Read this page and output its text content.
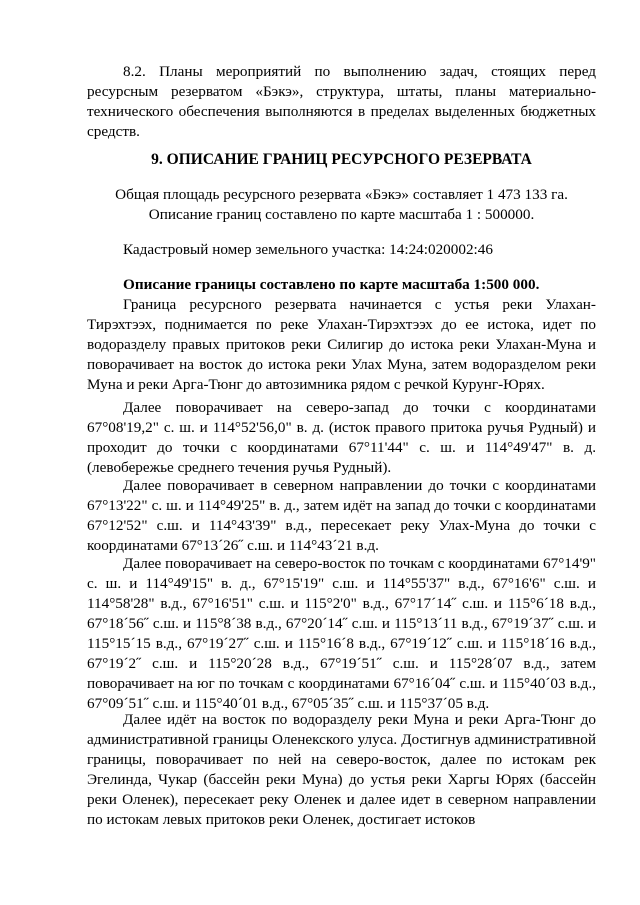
8.2. Планы мероприятий по выполнению задач, стоящих перед ресурсным резерватом «Бэкэ», структура, штаты, планы материально-технического обеспечения выполняются в пределах выделенных бюджетных средств.

9. ОПИСАНИЕ ГРАНИЦ РЕСУРСНОГО РЕЗЕРВАТА

Общая площадь ресурсного резервата «Бэкэ» составляет 1 473 133 га.

Описание границ составлено по карте масштаба 1 : 500000.

Кадастровый номер земельного участка: 14:24:020002:46

Описание границы составлено по карте масштаба 1:500 000.

Граница ресурсного резервата начинается с устья реки Улахан-Тирэхтээх, поднимается по реке Улахан-Тирэхтээх до ее истока, идет по водоразделу правых притоков реки Силигир до истока реки Улахан-Муна и поворачивает на восток до истока реки Улах Муна, затем водоразделом реки Муна и реки Арга-Тюнг до автозимника рядом с речкой Курунг-Юрях.

Далее поворачивает на северо-запад до точки с координатами 67°08'19,2" с. ш. и 114°52'56,0" в. д. (исток правого притока ручья Рудный) и проходит до точки с координатами 67°11'44" с. ш. и 114°49'47" в. д. (левобережье среднего течения ручья Рудный).

Далее поворачивает в северном направлении до точки с координатами 67°13'22" с. ш. и 114°49'25" в. д., затем идёт на запад до точки с координатами 67°12'52" с.ш. и 114°43'39" в.д., пересекает реку Улах-Муна до точки с координатами 67°13´26˝ с.ш. и 114°43´21 в.д.

Далее поворачивает на северо-восток по точкам с координатами 67°14'9" с. ш. и 114°49'15" в. д., 67°15'19" с.ш. и 114°55'37" в.д., 67°16'6" с.ш. и 114°58'28" в.д., 67°16'51" с.ш. и 115°2'0" в.д., 67°17´14˝ с.ш. и 115°6´18 в.д., 67°18´56˝ с.ш. и 115°8´38 в.д., 67°20´14˝ с.ш. и 115°13´11 в.д., 67°19´37˝ с.ш. и 115°15´15 в.д., 67°19´27˝ с.ш. и 115°16´8 в.д., 67°19´12˝ с.ш. и 115°18´16 в.д., 67°19´2˝ с.ш. и 115°20´28 в.д., 67°19´51˝ с.ш. и 115°28´07 в.д., затем поворачивает на юг по точкам с координатами 67°16´04˝ с.ш. и 115°40´03 в.д., 67°09´51˝ с.ш. и 115°40´01 в.д., 67°05´35˝ с.ш. и 115°37´05 в.д.

Далее идёт на восток по водоразделу реки Муна и реки Арга-Тюнг до административной границы Оленекского улуса. Достигнув административной границы, поворачивает по ней на северо-восток, далее по истокам рек Эгелинда, Чукар (бассейн реки Муна) до устья реки Харгы Юрях (бассейн реки Оленек), пересекает реку Оленек и далее идет в северном направлении по истокам левых притоков реки Оленек, достигает истоков
